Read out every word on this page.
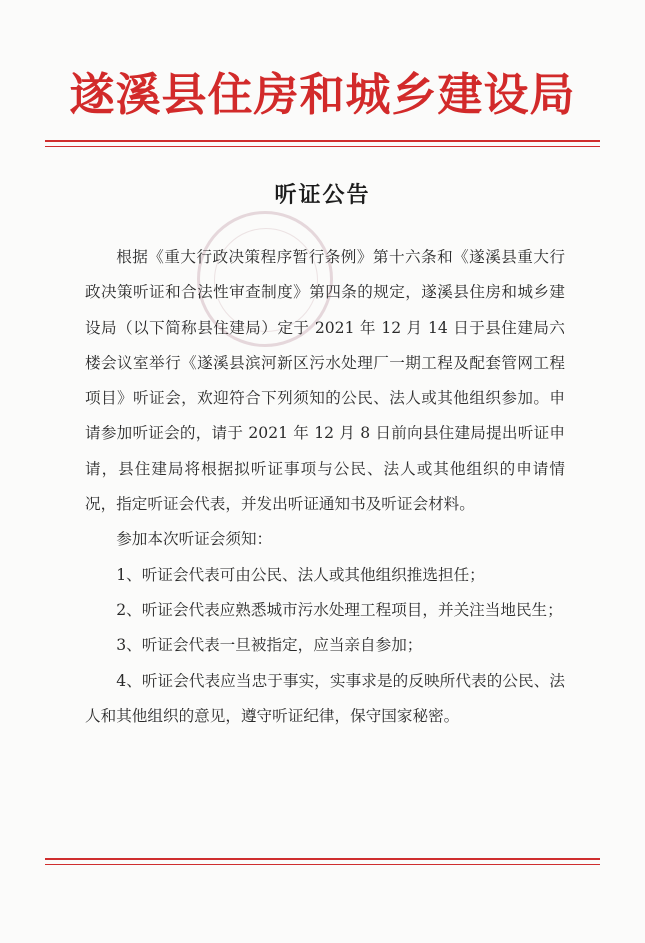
遂溪县住房和城乡建设局
听证公告

根据《重大行政决策程序暂行条例》第十六条和《遂溪县重大行政决策听证和合法性审查制度》第四条的规定，遂溪县住房和城乡建设局（以下简称县住建局）定于 2021 年 12 月 14 日于县住建局六楼会议室举行《遂溪县滨河新区污水处理厂一期工程及配套管网工程项目》听证会，欢迎符合下列须知的公民、法人或其他组织参加。申请参加听证会的，请于 2021 年 12 月 8 日前向县住建局提出听证申请，县住建局将根据拟听证事项与公民、法人或其他组织的申请情况，指定听证会代表，并发出听证通知书及听证会材料。

参加本次听证会须知：

1、听证会代表可由公民、法人或其他组织推选担任；

2、听证会代表应熟悉城市污水处理工程项目，并关注当地民生；

3、听证会代表一旦被指定，应当亲自参加；

4、听证会代表应当忠于事实，实事求是的反映所代表的公民、法人和其他组织的意见，遵守听证纪律，保守国家秘密。
